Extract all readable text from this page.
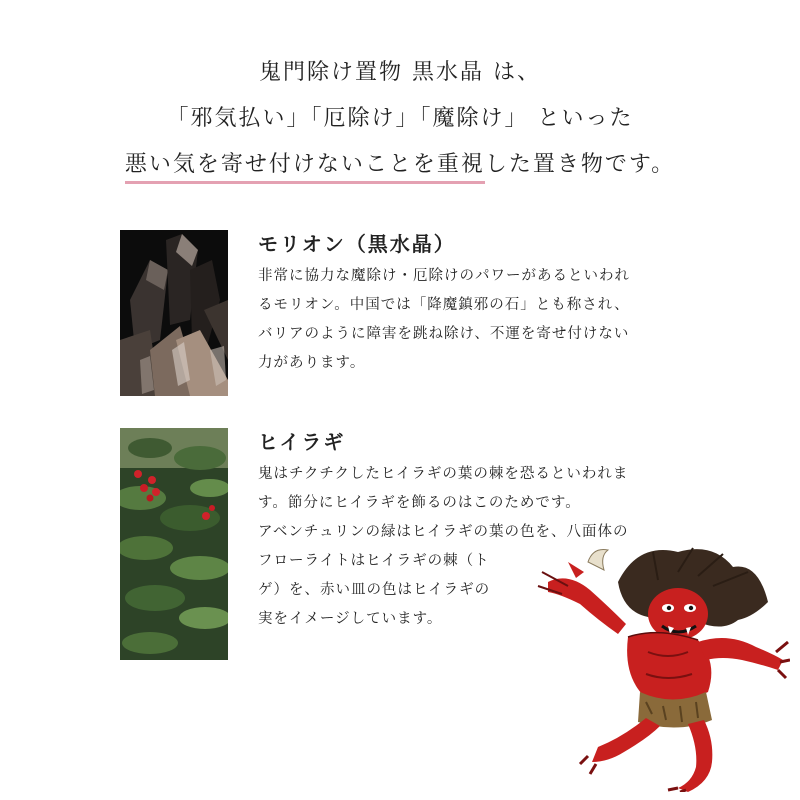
鬼門除け置物 黒水晶 は、
「邪気払い」「厄除け」「魔除け」 といった
悪い気を寄せ付けないことを重視した置き物です。
モリオン（黒水晶）

非常に協力な魔除け・厄除けのパワーがあるといわれ
るモリオン。中国では「降魔鎮邪の石」とも称され、
バリアのように障害を跳ね除け、不運を寄せ付けない
力があります。

ヒイラギ

鬼はチクチクしたヒイラギの葉の棘を恐るといわれま
す。節分にヒイラギを飾るのはこのためです。
アベンチュリンの緑はヒイラギの葉の色を、八面体の
フローライトはヒイラギの棘（ト
ゲ）を、赤い皿の色はヒイラギの
実をイメージしています。
